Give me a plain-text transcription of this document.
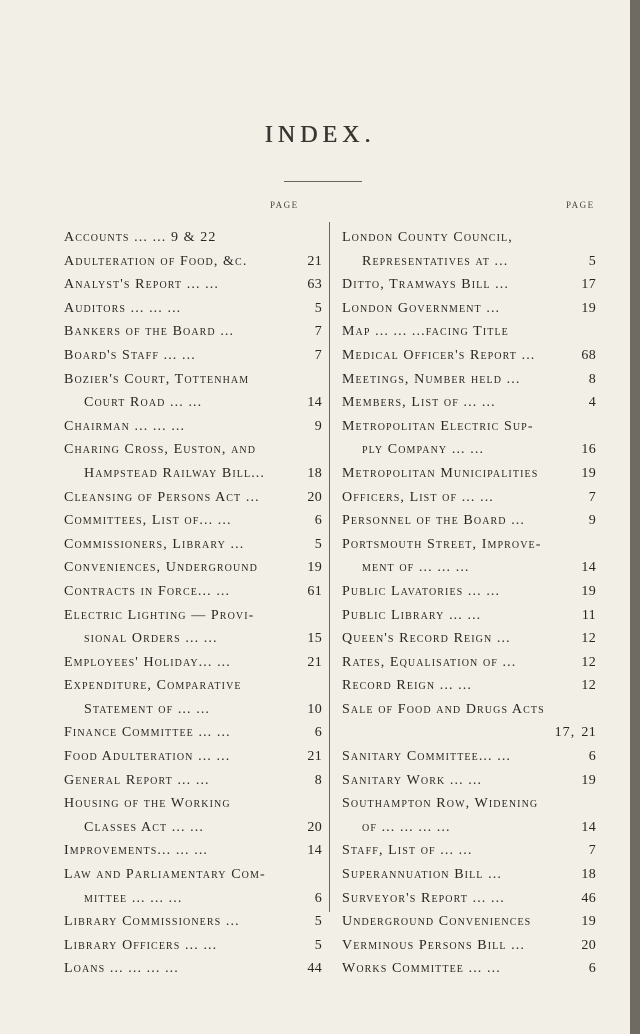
INDEX.
PAGE	PAGE
Accounts ... ... 9 & 22
Adulteration of Food, &c.	21
Analyst's Report ... ...	63
Auditors ... ... ...	5
Bankers of the Board ...	7
Board's Staff ... ...	7
Bozier's Court, Tottenham
Court Road ... ...	14
Chairman ... ... ...	9
Charing Cross, Euston, and
Hampstead Railway Bill...	18
Cleansing of Persons Act ...	20
Committees, List of... ...	6
Commissioners, Library ...	5
Conveniences, Underground	19
Contracts in Force... ...	61
Electric Lighting — Provi-
sional Orders ... ...	15
Employees' Holiday... ...	21
Expenditure, Comparative
Statement of ... ...	10
Finance Committee ... ...	6
Food Adulteration ... ...	21
General Report ... ...	8
Housing of the Working
Classes Act ... ...	20
Improvements... ... ...	14
Law and Parliamentary Com-
mittee ... ... ...	6
Library Commissioners ...	5
Library Officers ... ...	5
Loans ... ... ... ...	44
London County Council,
Representatives at ...	5
Ditto, Tramways Bill ...	17
London Government ...	19
Map ... ... ...facing Title
Medical Officer's Report ...	68
Meetings, Number held ...	8
Members, List of ... ...	4
Metropolitan Electric Sup-
ply Company ... ...	16
Metropolitan Municipalities	19
Officers, List of ... ...	7
Personnel of the Board ...	9
Portsmouth Street, Improve-
ment of ... ... ...	14
Public Lavatories ... ...	19
Public Library ... ...	11
Queen's Record Reign ...	12
Rates, Equalisation of ...	12
Record Reign ... ...	12
Sale of Food and Drugs Acts
17, 21
Sanitary Committee... ...	6
Sanitary Work ... ...	19
Southampton Row, Widening
of ... ... ... ...	14
Staff, List of ... ...	7
Superannuation Bill ...	18
Surveyor's Report ... ...	46
Underground Conveniences	19
Verminous Persons Bill ...	20
Works Committee ... ...	6
